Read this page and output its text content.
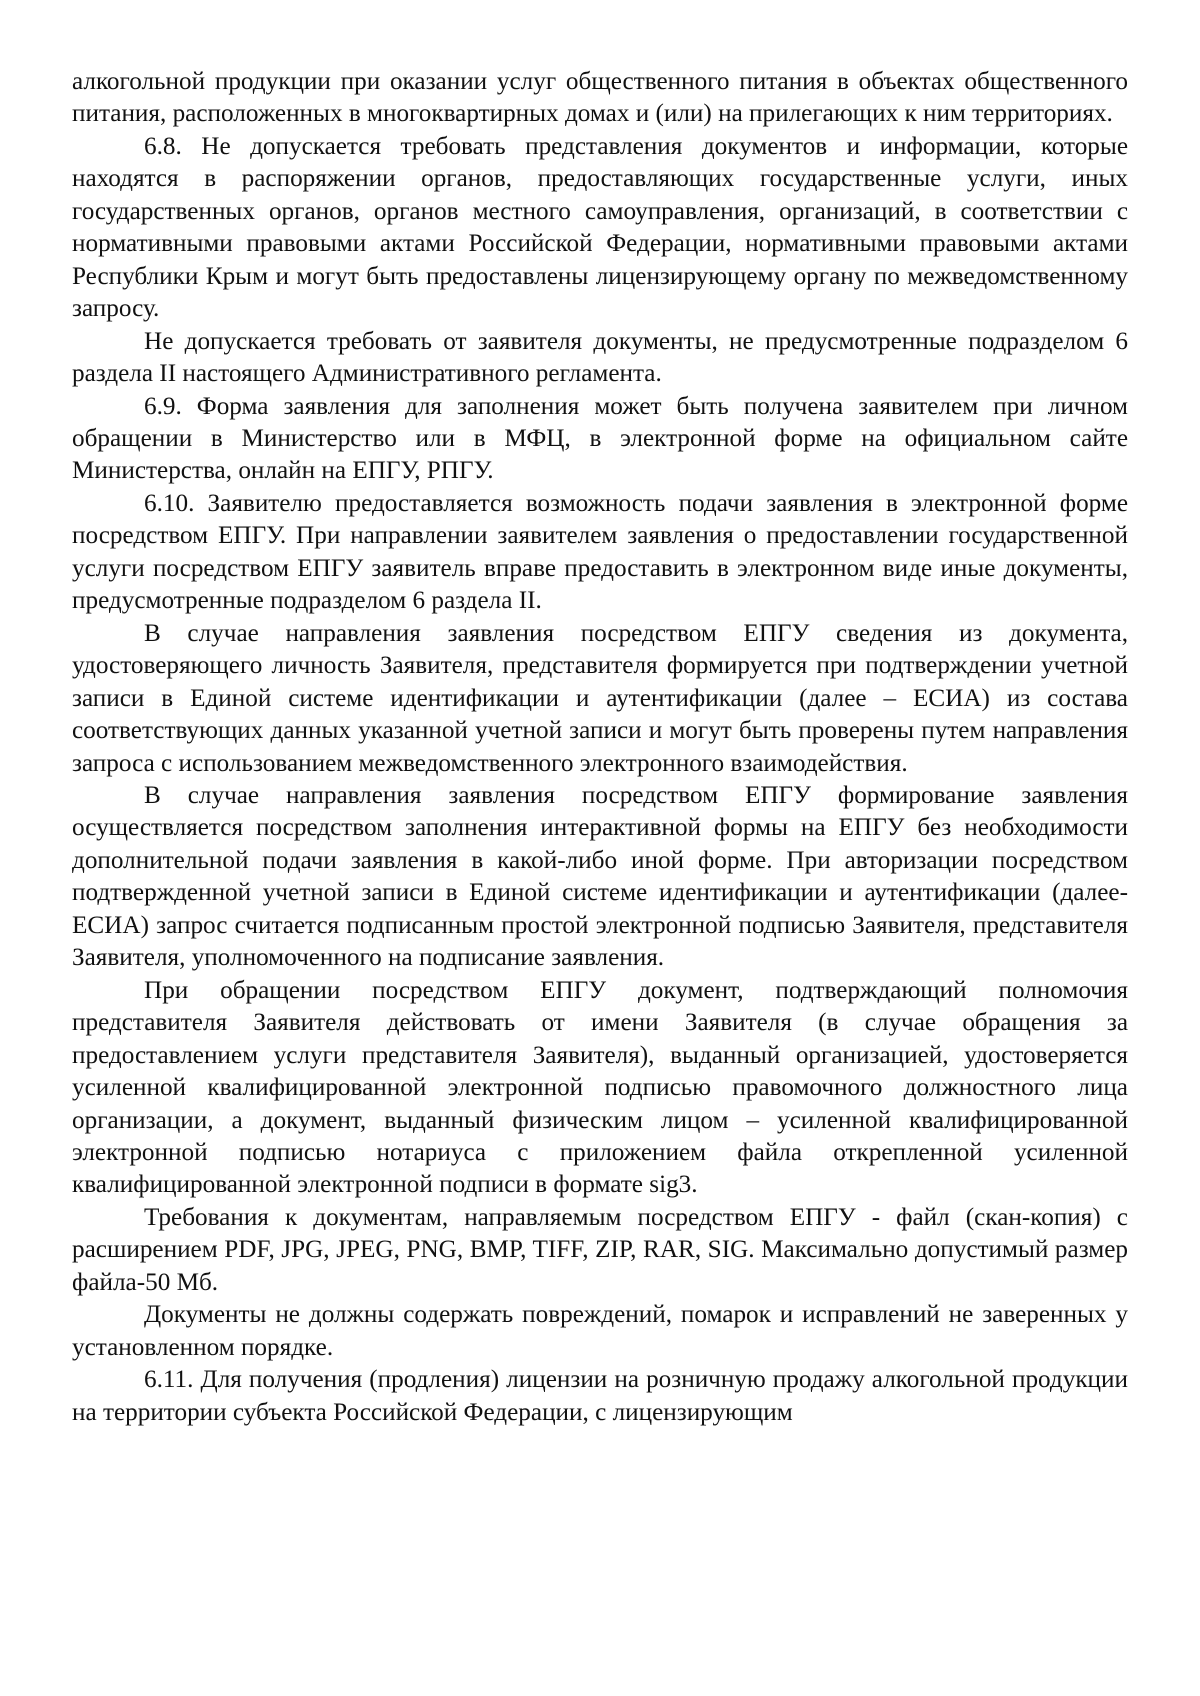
алкогольной продукции при оказании услуг общественного питания в объектах общественного питания, расположенных в многоквартирных домах и (или) на прилегающих к ним территориях.

6.8. Не допускается требовать представления документов и информации, которые находятся в распоряжении органов, предоставляющих государственные услуги, иных государственных органов, органов местного самоуправления, организаций, в соответствии с нормативными правовыми актами Российской Федерации, нормативными правовыми актами Республики Крым и могут быть предоставлены лицензирующему органу по межведомственному запросу.

Не допускается требовать от заявителя документы, не предусмотренные подразделом 6 раздела II настоящего Административного регламента.

6.9. Форма заявления для заполнения может быть получена заявителем при личном обращении в Министерство или в МФЦ, в электронной форме на официальном сайте Министерства, онлайн на ЕПГУ, РПГУ.

6.10. Заявителю предоставляется возможность подачи заявления в электронной форме посредством ЕПГУ. При направлении заявителем заявления о предоставлении государственной услуги посредством ЕПГУ заявитель вправе предоставить в электронном виде иные документы, предусмотренные подразделом 6 раздела II.

В случае направления заявления посредством ЕПГУ сведения из документа, удостоверяющего личность Заявителя, представителя формируется при подтверждении учетной записи в Единой системе идентификации и аутентификации (далее – ЕСИА) из состава соответствующих данных указанной учетной записи и могут быть проверены путем направления запроса с использованием межведомственного электронного взаимодействия.

В случае направления заявления посредством ЕПГУ формирование заявления осуществляется посредством заполнения интерактивной формы на ЕПГУ без необходимости дополнительной подачи заявления в какой-либо иной форме. При авторизации посредством подтвержденной учетной записи в Единой системе идентификации и аутентификации (далее-ЕСИА) запрос считается подписанным простой электронной подписью Заявителя, представителя Заявителя, уполномоченного на подписание заявления.

При обращении посредством ЕПГУ документ, подтверждающий полномочия представителя Заявителя действовать от имени Заявителя (в случае обращения за предоставлением услуги представителя Заявителя), выданный организацией, удостоверяется усиленной квалифицированной электронной подписью правомочного должностного лица организации, а документ, выданный физическим лицом – усиленной квалифицированной электронной подписью нотариуса с приложением файла открепленной усиленной квалифицированной электронной подписи в формате sig3.

Требования к документам, направляемым посредством ЕПГУ - файл (скан-копия) с расширением PDF, JPG, JPEG, PNG, BMP, TIFF, ZIP, RAR, SIG. Максимально допустимый размер файла-50 Мб.

Документы не должны содержать повреждений, помарок и исправлений не заверенных у установленном порядке.

6.11. Для получения (продления) лицензии на розничную продажу алкогольной продукции на территории субъекта Российской Федерации, с лицензирующим
